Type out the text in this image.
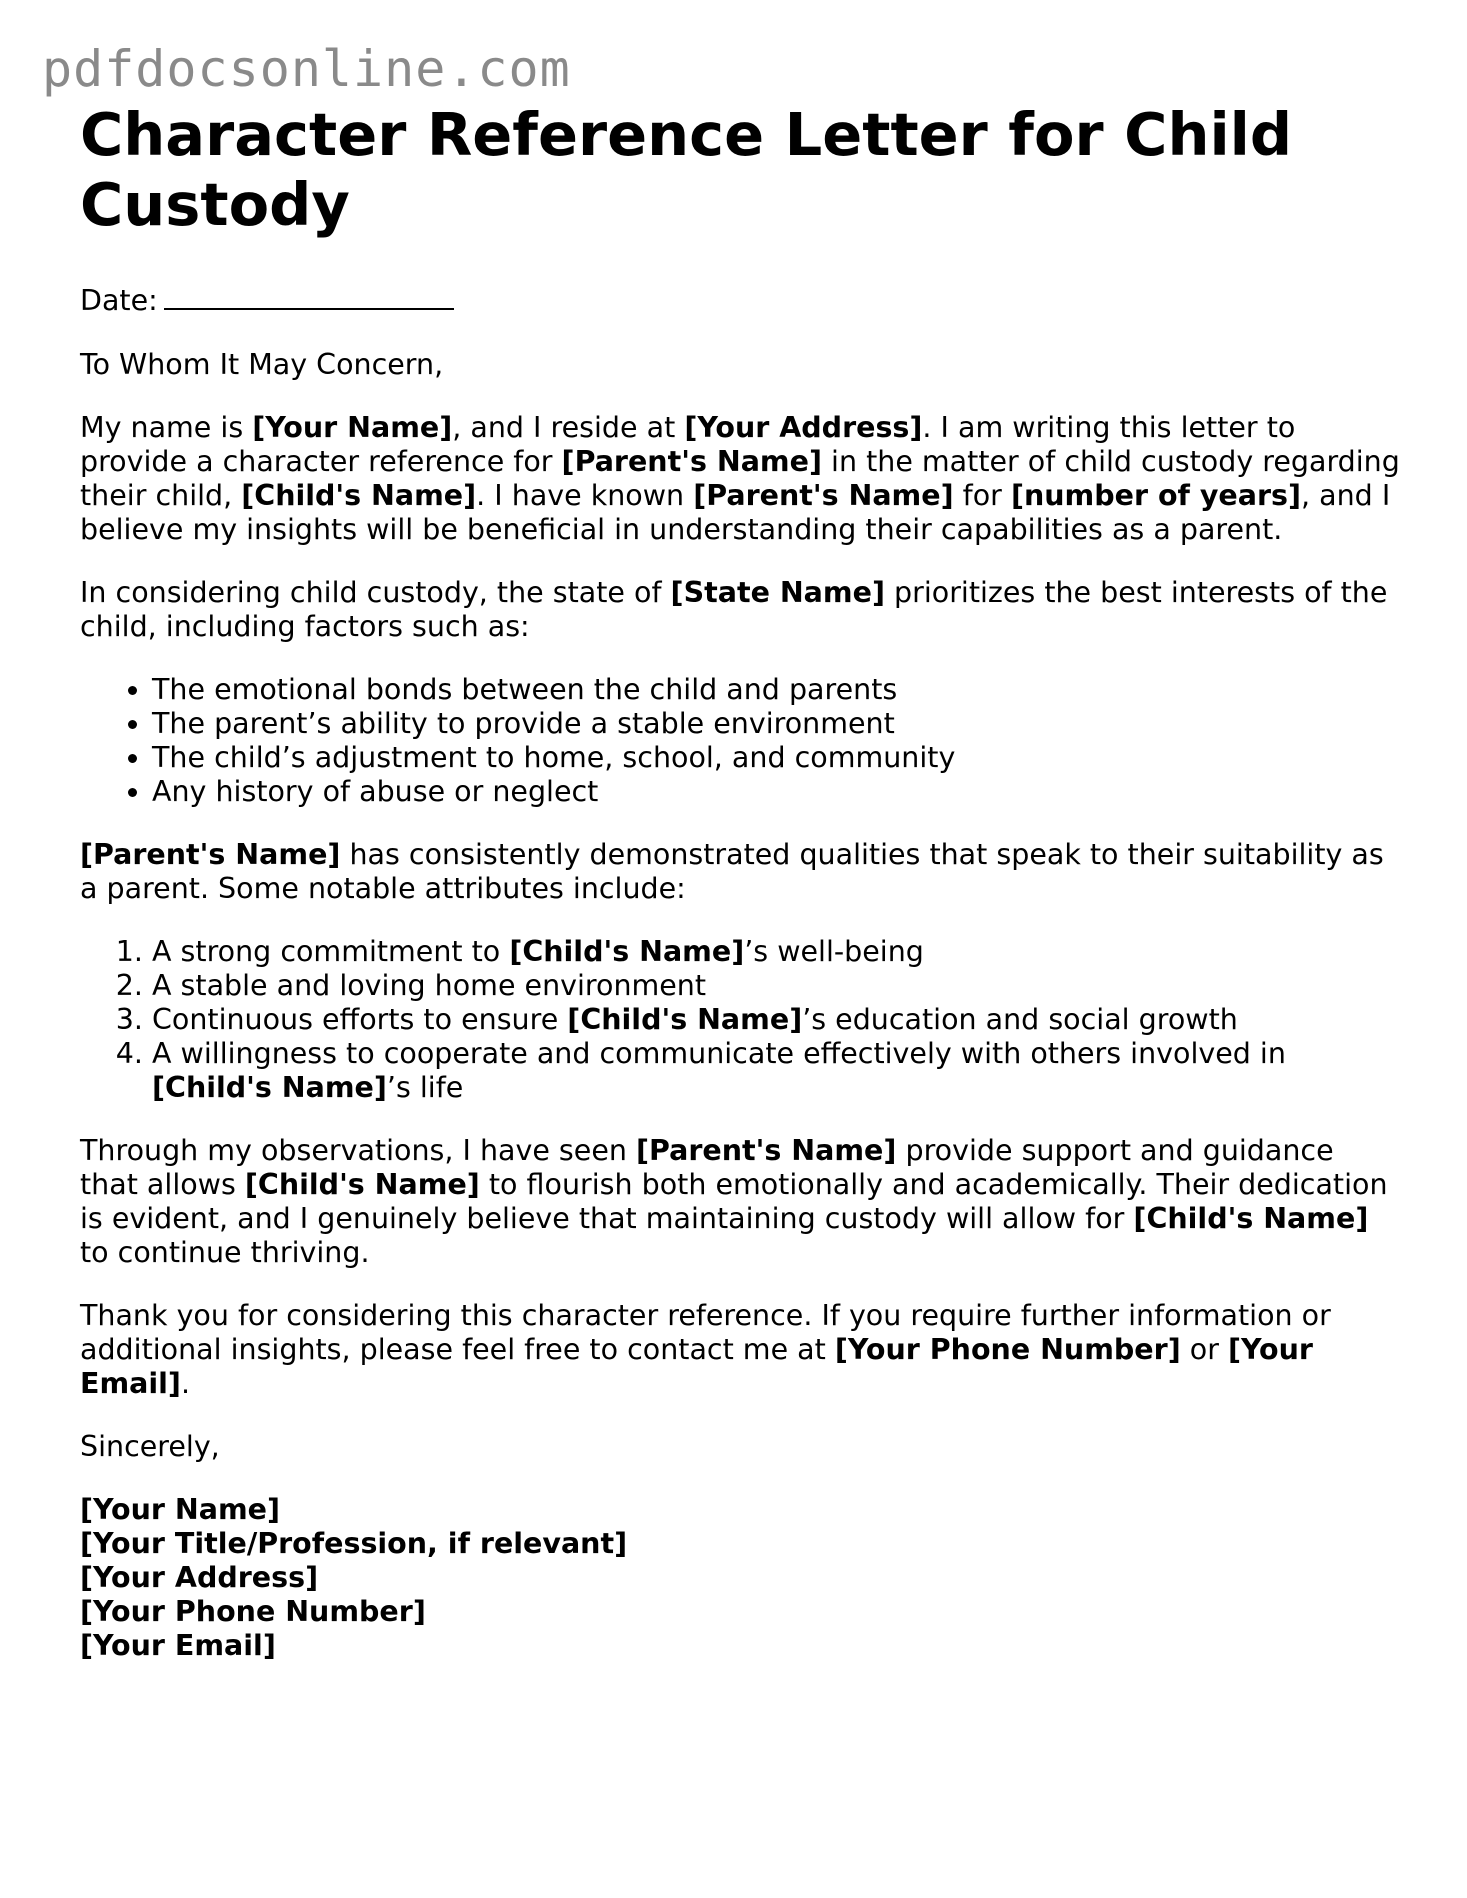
pdfdocsonline.com
Character Reference Letter for Child Custody

Date:

To Whom It May Concern,

My name is [Your Name], and I reside at [Your Address]. I am writing this letter to provide a character reference for [Parent's Name] in the matter of child custody regarding their child, [Child's Name]. I have known [Parent's Name] for [number of years], and I believe my insights will be beneficial in understanding their capabilities as a parent.

In considering child custody, the state of [State Name] prioritizes the best interests of the child, including factors such as:

• The emotional bonds between the child and parents
• The parent’s ability to provide a stable environment
• The child’s adjustment to home, school, and community
• Any history of abuse or neglect

[Parent's Name] has consistently demonstrated qualities that speak to their suitability as a parent. Some notable attributes include:

1. A strong commitment to [Child's Name]’s well-being
2. A stable and loving home environment
3. Continuous efforts to ensure [Child's Name]’s education and social growth
4. A willingness to cooperate and communicate effectively with others involved in [Child's Name]’s life

Through my observations, I have seen [Parent's Name] provide support and guidance that allows [Child's Name] to flourish both emotionally and academically. Their dedication is evident, and I genuinely believe that maintaining custody will allow for [Child's Name] to continue thriving.

Thank you for considering this character reference. If you require further information or additional insights, please feel free to contact me at [Your Phone Number] or [Your Email].

Sincerely,

[Your Name]
[Your Title/Profession, if relevant]
[Your Address]
[Your Phone Number]
[Your Email]
